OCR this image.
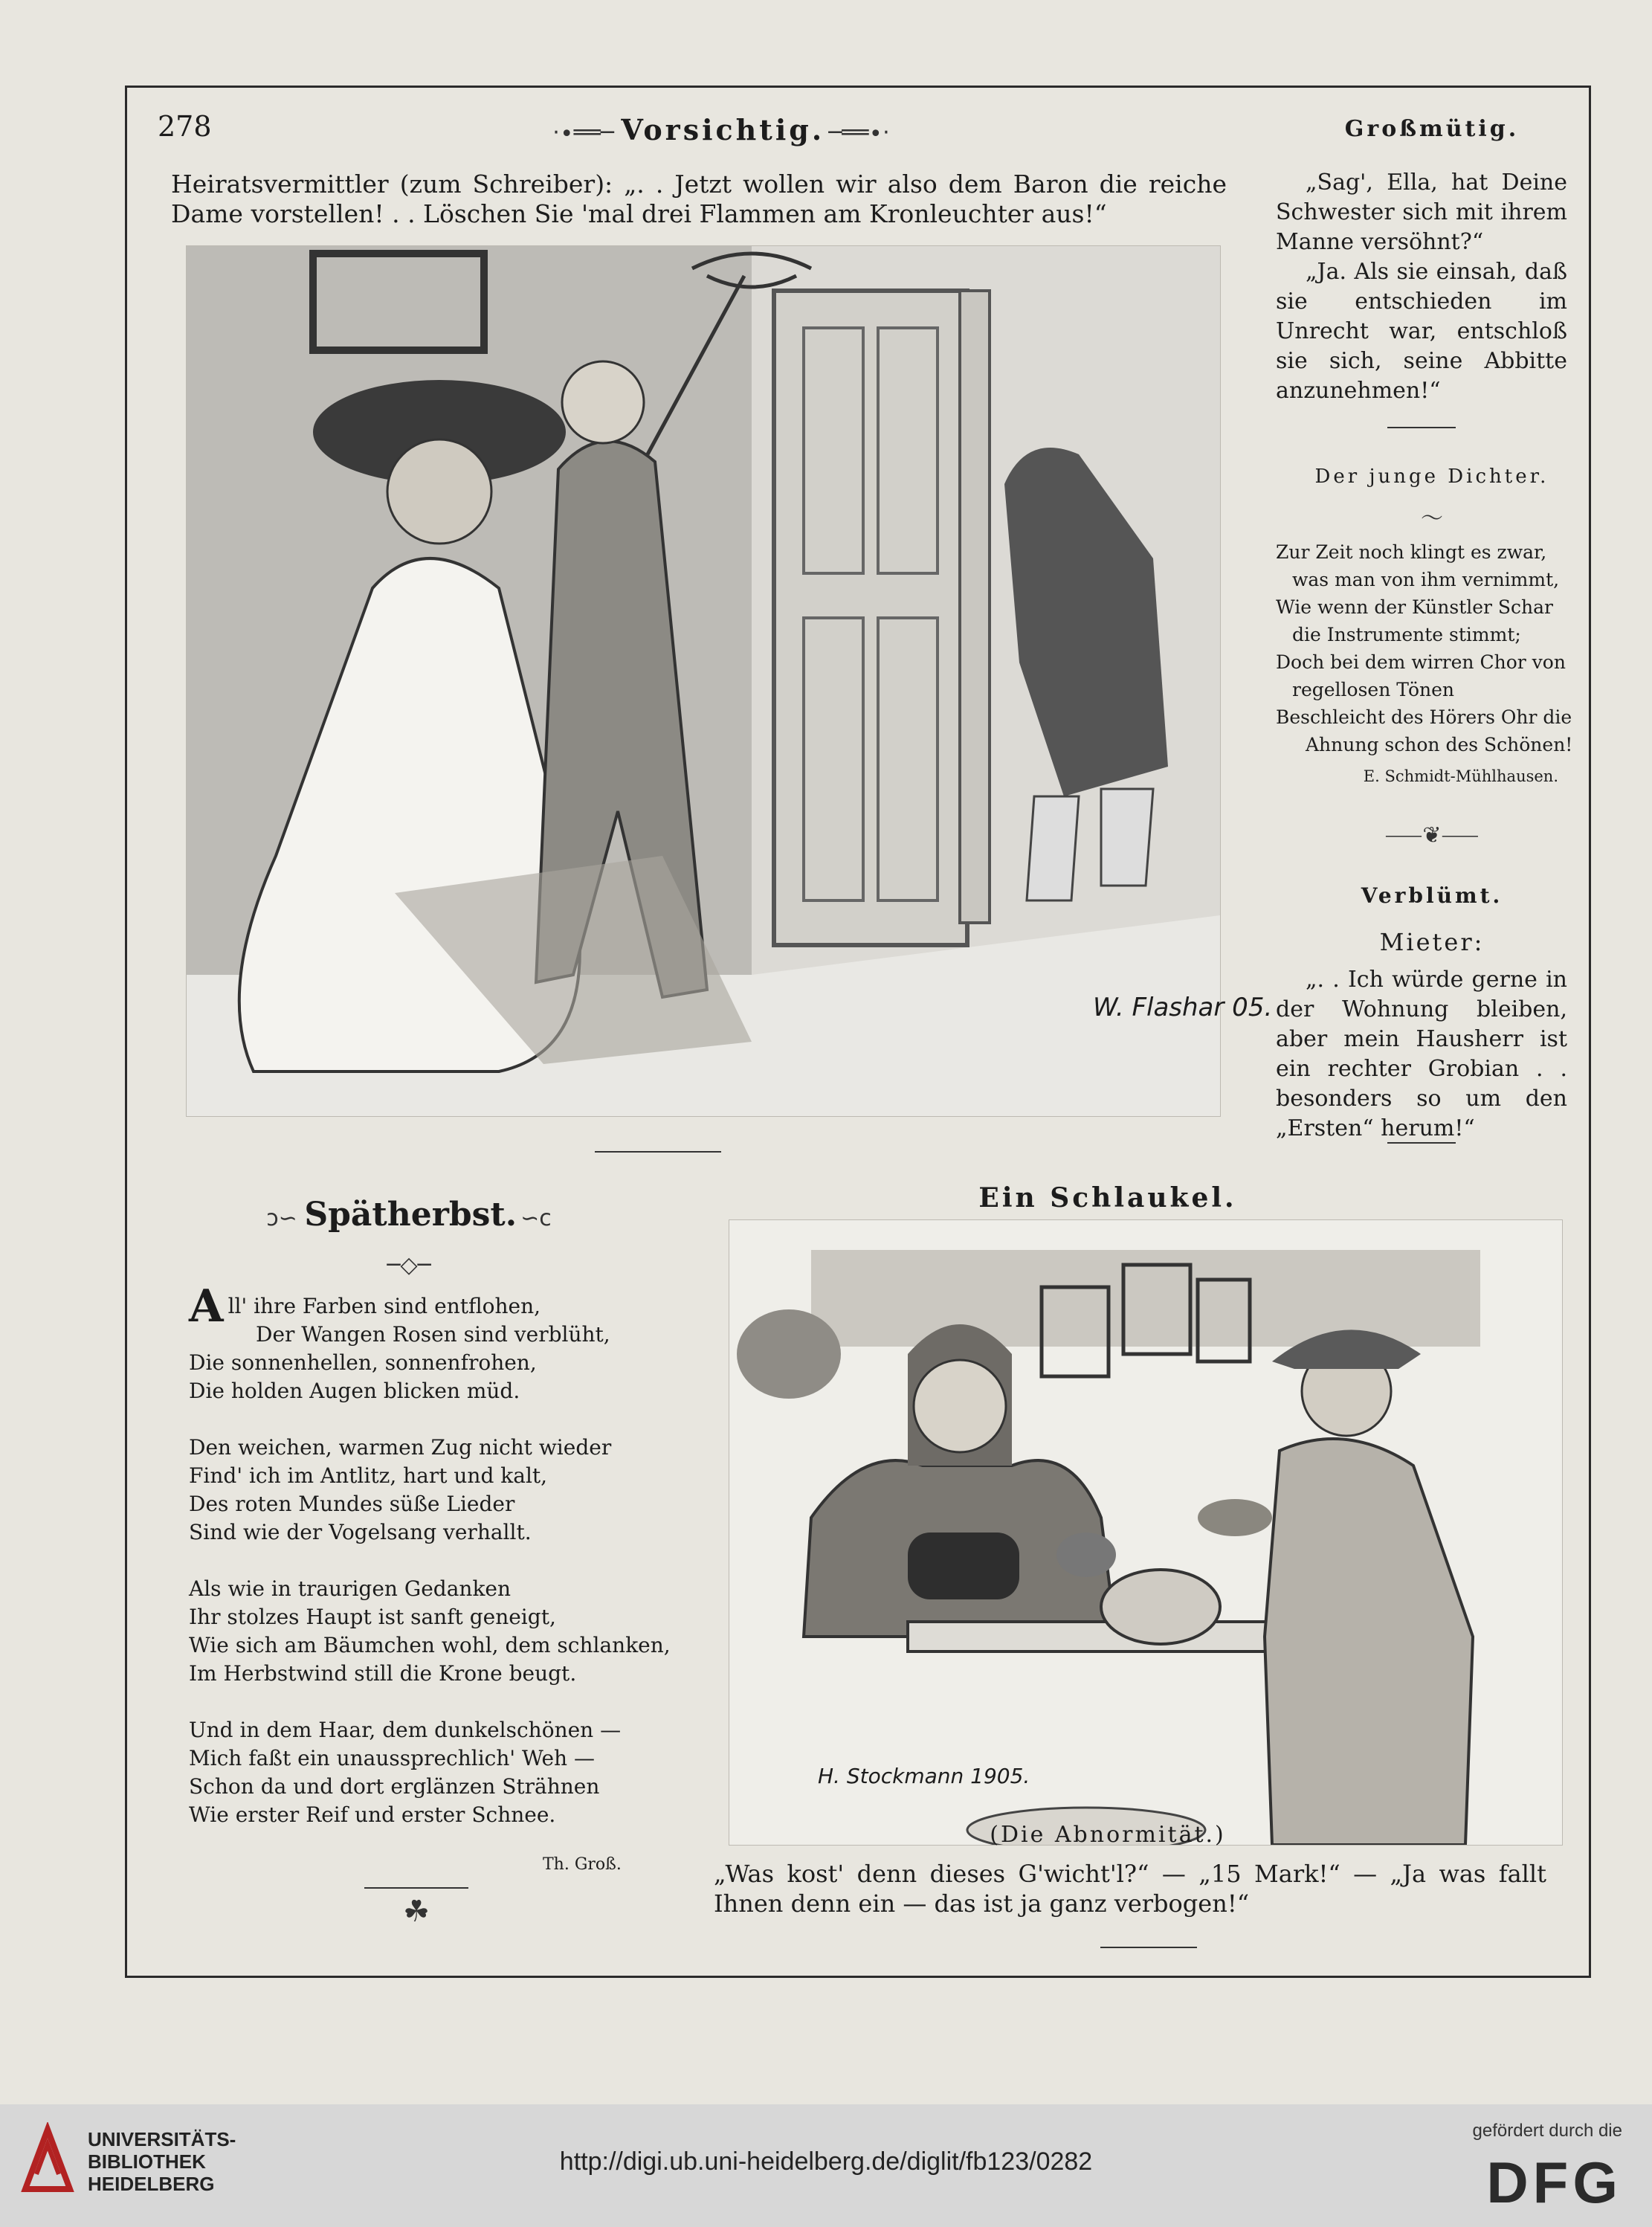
278	·∙══─ Vorsichtig. ─══∙·
Heiratsvermittler (zum Schreiber): „. . Jetzt wollen wir also dem Baron die reiche Dame vorstellen! . . Löschen Sie 'mal drei Flammen am Kronleuchter aus!“
W. Flashar 05.
Großmütig.

„Sag', Ella, hat Deine Schwester sich mit ihrem Manne versöhnt?“

„Ja. Als sie einsah, daß sie entschieden im Unrecht war, entschloß sie sich, seine Abbitte anzunehmen!“

Der junge Dichter.
～
Zur Zeit noch klingt es zwar,
was man von ihm vernimmt,
Wie wenn der Künstler Schar
die Instrumente stimmt;
Doch bei dem wirren Chor von
regellosen Tönen
Beschleicht des Hörers Ohr die
Ahnung schon des Schönen!
E. Schmidt-Mühlhausen.
⸺❦⸺
Verblümt.
Mieter:
„. . Ich würde gerne in der Wohnung bleiben, aber mein Hausherr ist ein rechter Grobian . . besonders so um den „Ersten“ herum!“
ↄ∽ Spätherbst. ∽c
─◇─
All' ihre Farben sind entflohen,
Der Wangen Rosen sind verblüht,
Die sonnenhellen, sonnenfrohen,
Die holden Augen blicken müd.
Den weichen, warmen Zug nicht wieder
Find' ich im Antlitz, hart und kalt,
Des roten Mundes süße Lieder
Sind wie der Vogelsang verhallt.
Als wie in traurigen Gedanken
Ihr stolzes Haupt ist sanft geneigt,
Wie sich am Bäumchen wohl, dem schlanken,
Im Herbstwind still die Krone beugt.
Und in dem Haar, dem dunkelschönen —
Mich faßt ein unaussprechlich' Weh —
Schon da und dort erglänzen Strähnen
Wie erster Reif und erster Schnee.
Th. Groß.
☘
Ein Schlaukel.
H. Stockmann 1905.
(Die Abnormität.)
„Was kost' denn dieses G'wicht'l?“ — „15 Mark!“ — „Ja was fallt Ihnen denn ein — das ist ja ganz verbogen!“
UNIVERSITÄTS-
BIBLIOTHEK
HEIDELBERG
http://digi.ub.uni-heidelberg.de/diglit/fb123/0282
gefördert durch die
DFG
